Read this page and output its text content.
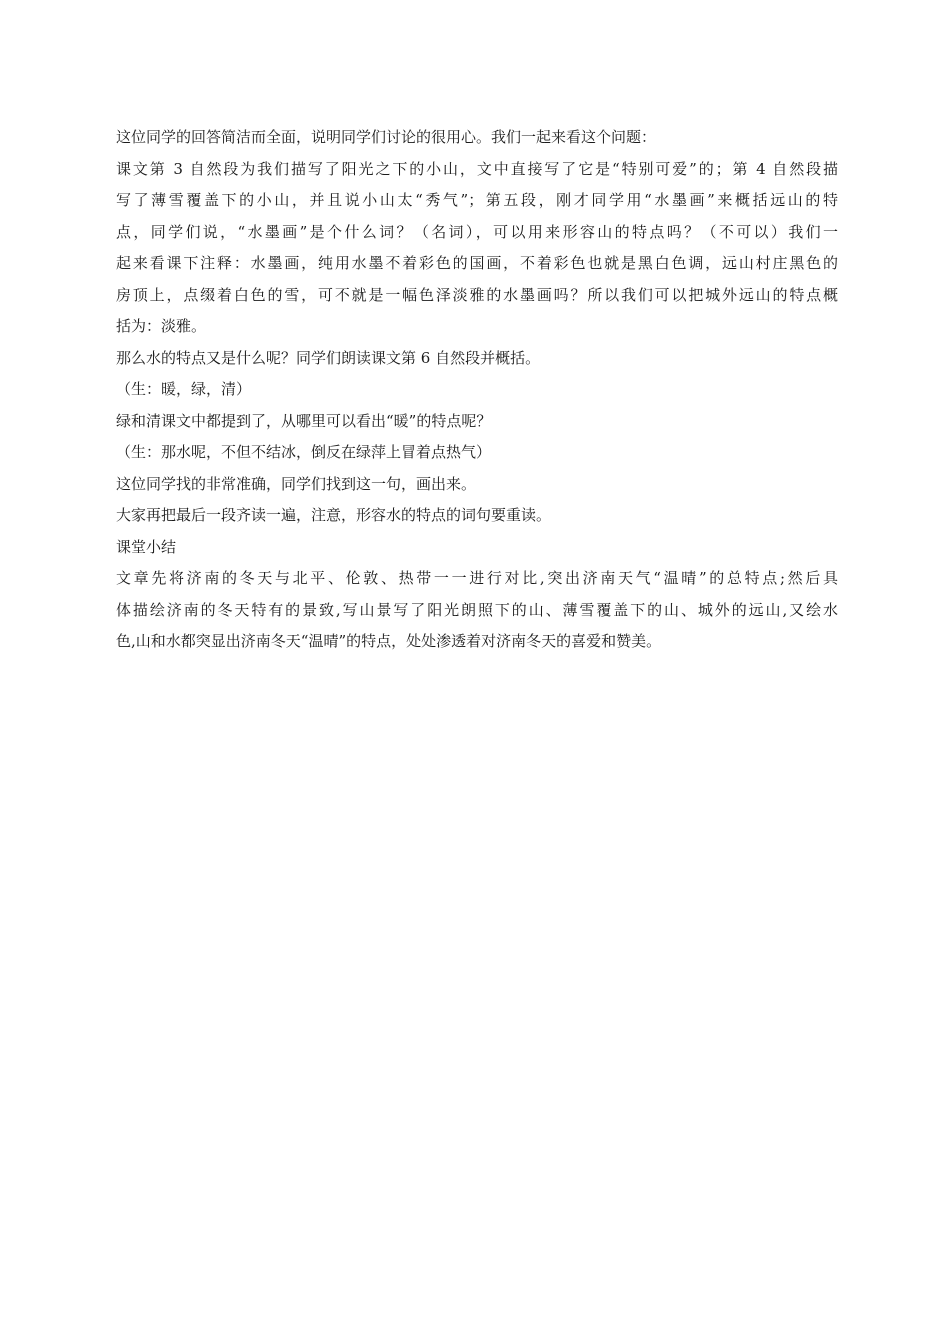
这位同学的回答简洁而全面，说明同学们讨论的很用心。我们一起来看这个问题：
课文第 3 自然段为我们描写了阳光之下的小山，文中直接写了它是“特别可爱”的；第 4 自然段描
写了薄雪覆盖下的小山，并且说小山太“秀气”；第五段，刚才同学用“水墨画”来概括远山的特
点，同学们说，“水墨画”是个什么词？（名词），可以用来形容山的特点吗？（不可以）我们一
起来看课下注释：水墨画，纯用水墨不着彩色的国画，不着彩色也就是黑白色调，远山村庄黑色的
房顶上，点缀着白色的雪，可不就是一幅色泽淡雅的水墨画吗？所以我们可以把城外远山的特点概
括为：淡雅。
那么水的特点又是什么呢？同学们朗读课文第 6 自然段并概括。
（生：暖，绿，清）
绿和清课文中都提到了，从哪里可以看出“暖”的特点呢？
（生：那水呢，不但不结冰，倒反在绿萍上冒着点热气）
这位同学找的非常准确，同学们找到这一句，画出来。
大家再把最后一段齐读一遍，注意，形容水的特点的词句要重读。
课堂小结
文章先将济南的冬天与北平、伦敦、热带一一进行对比,突出济南天气“温晴”的总特点;然后具
体描绘济南的冬天特有的景致,写山景写了阳光朗照下的山、薄雪覆盖下的山、城外的远山,又绘水
色,山和水都突显出济南冬天“温晴”的特点，处处渗透着对济南冬天的喜爱和赞美。
